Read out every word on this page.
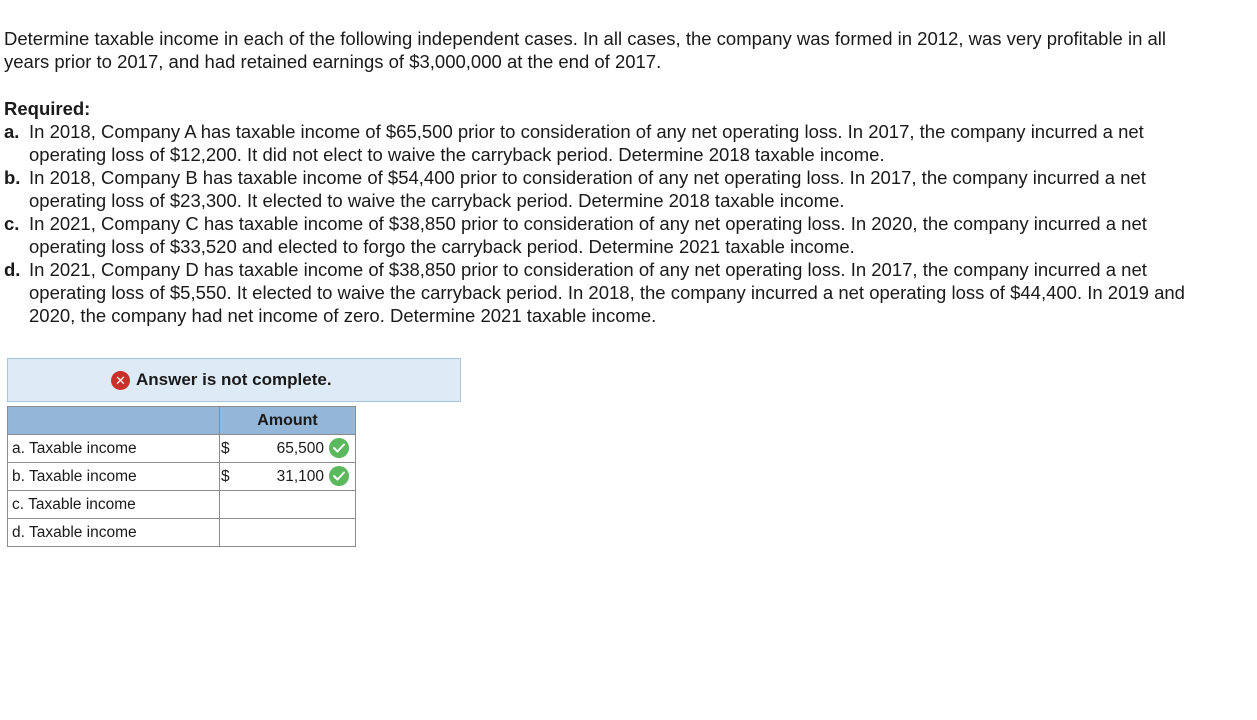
Determine taxable income in each of the following independent cases. In all cases, the company was formed in 2012, was very profitable in all years prior to 2017, and had retained earnings of $3,000,000 at the end of 2017.
Required:
a. In 2018, Company A has taxable income of $65,500 prior to consideration of any net operating loss. In 2017, the company incurred a net operating loss of $12,200. It did not elect to waive the carryback period. Determine 2018 taxable income.
b. In 2018, Company B has taxable income of $54,400 prior to consideration of any net operating loss. In 2017, the company incurred a net operating loss of $23,300. It elected to waive the carryback period. Determine 2018 taxable income.
c. In 2021, Company C has taxable income of $38,850 prior to consideration of any net operating loss. In 2020, the company incurred a net operating loss of $33,520 and elected to forgo the carryback period. Determine 2021 taxable income.
d. In 2021, Company D has taxable income of $38,850 prior to consideration of any net operating loss. In 2017, the company incurred a net operating loss of $5,550. It elected to waive the carryback period. In 2018, the company incurred a net operating loss of $44,400. In 2019 and 2020, the company had net income of zero. Determine 2021 taxable income.
✕ Answer is not complete.
	Amount
a. Taxable income	$ 65,500

b. Taxable income	$ 31,100

c. Taxable income	

d. Taxable income	
